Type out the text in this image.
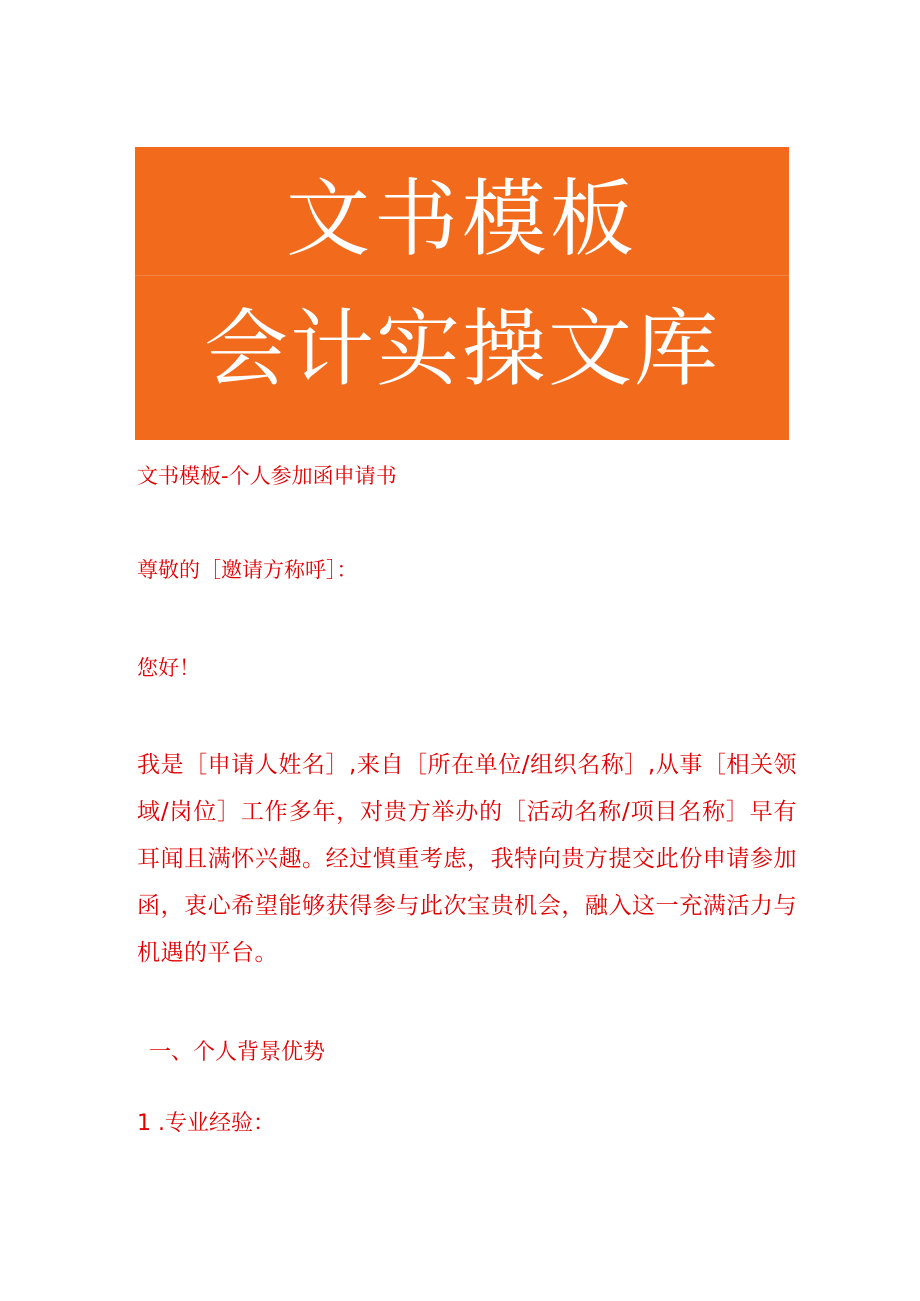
文书模板
会计实操文库
文书模板-个人参加函申请书
尊敬的［邀请方称呼］：
您好！
我是［申请人姓名］,来自［所在单位/组织名称］,从事［相关领域/岗位］工作多年，对贵方举办的［活动名称/项目名称］早有耳闻且满怀兴趣。经过慎重考虑，我特向贵方提交此份申请参加函，衷心希望能够获得参与此次宝贵机会，融入这一充满活力与机遇的平台。
一、个人背景优势
1 .专业经验：
